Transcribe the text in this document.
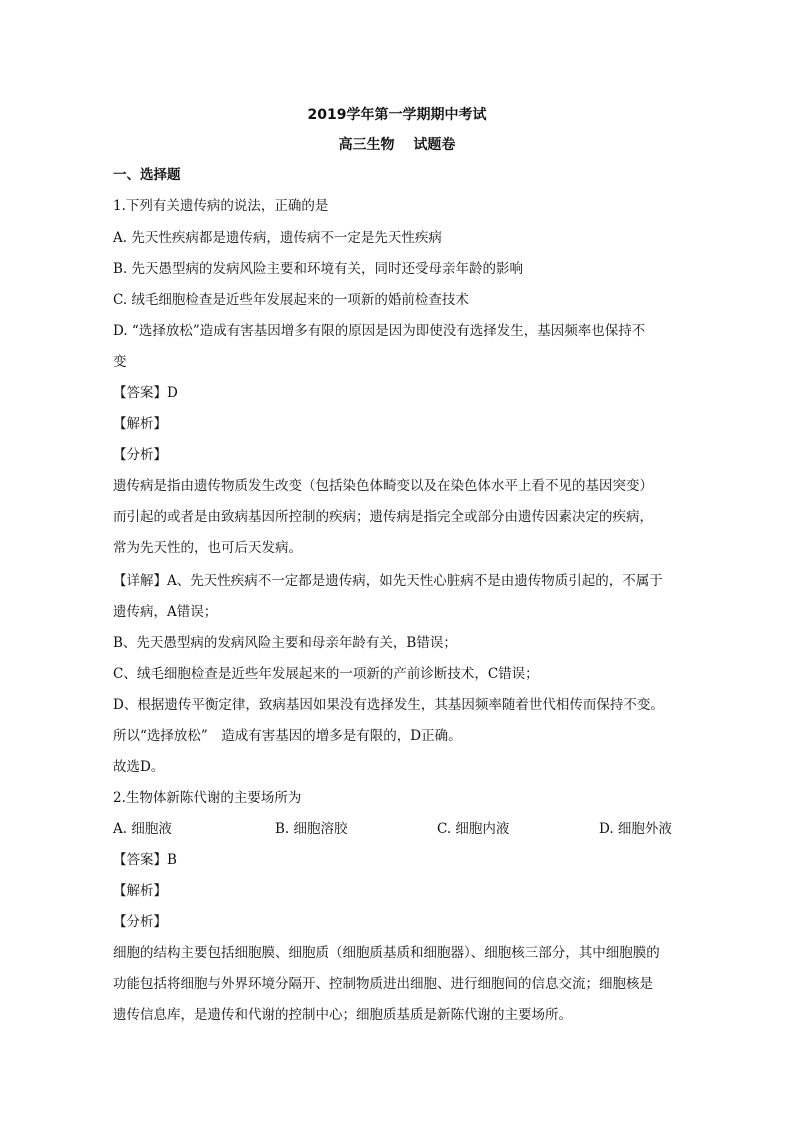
2019学年第一学期期中考试
高三生物　 试题卷
一、选择题
1.下列有关遗传病的说法，正确的是
A. 先天性疾病都是遗传病，遗传病不一定是先天性疾病
B. 先天愚型病的发病风险主要和环境有关，同时还受母亲年龄的影响
C. 绒毛细胞检查是近些年发展起来的一项新的婚前检查技术
D. “选择放松”造成有害基因增多有限的原因是因为即使没有选择发生，基因频率也保持不
变
【答案】D
【解析】
【分析】
遗传病是指由遗传物质发生改变（包括染色体畸变以及在染色体水平上看不见的基因突变）
而引起的或者是由致病基因所控制的疾病；遗传病是指完全或部分由遗传因素决定的疾病，
常为先天性的，也可后天发病。
【详解】A、先天性疾病不一定都是遗传病，如先天性心脏病不是由遗传物质引起的，不属于
遗传病，A错误；
B、先天愚型病的发病风险主要和母亲年龄有关，B错误；
C、绒毛细胞检查是近些年发展起来的一项新的产前诊断技术，C错误；
D、根据遗传平衡定律，致病基因如果没有选择发生，其基因频率随着世代相传而保持不变。
所以“选择放松”　造成有害基因的增多是有限的，D正确。
故选D。
2.生物体新陈代谢的主要场所为
A. 细胞液	B. 细胞溶胶	C. 细胞内液	D. 细胞外液
【答案】B
【解析】
【分析】
细胞的结构主要包括细胞膜、细胞质（细胞质基质和细胞器）、细胞核三部分，其中细胞膜的
功能包括将细胞与外界环境分隔开、控制物质进出细胞、进行细胞间的信息交流；细胞核是
遗传信息库，是遗传和代谢的控制中心；细胞质基质是新陈代谢的主要场所。
